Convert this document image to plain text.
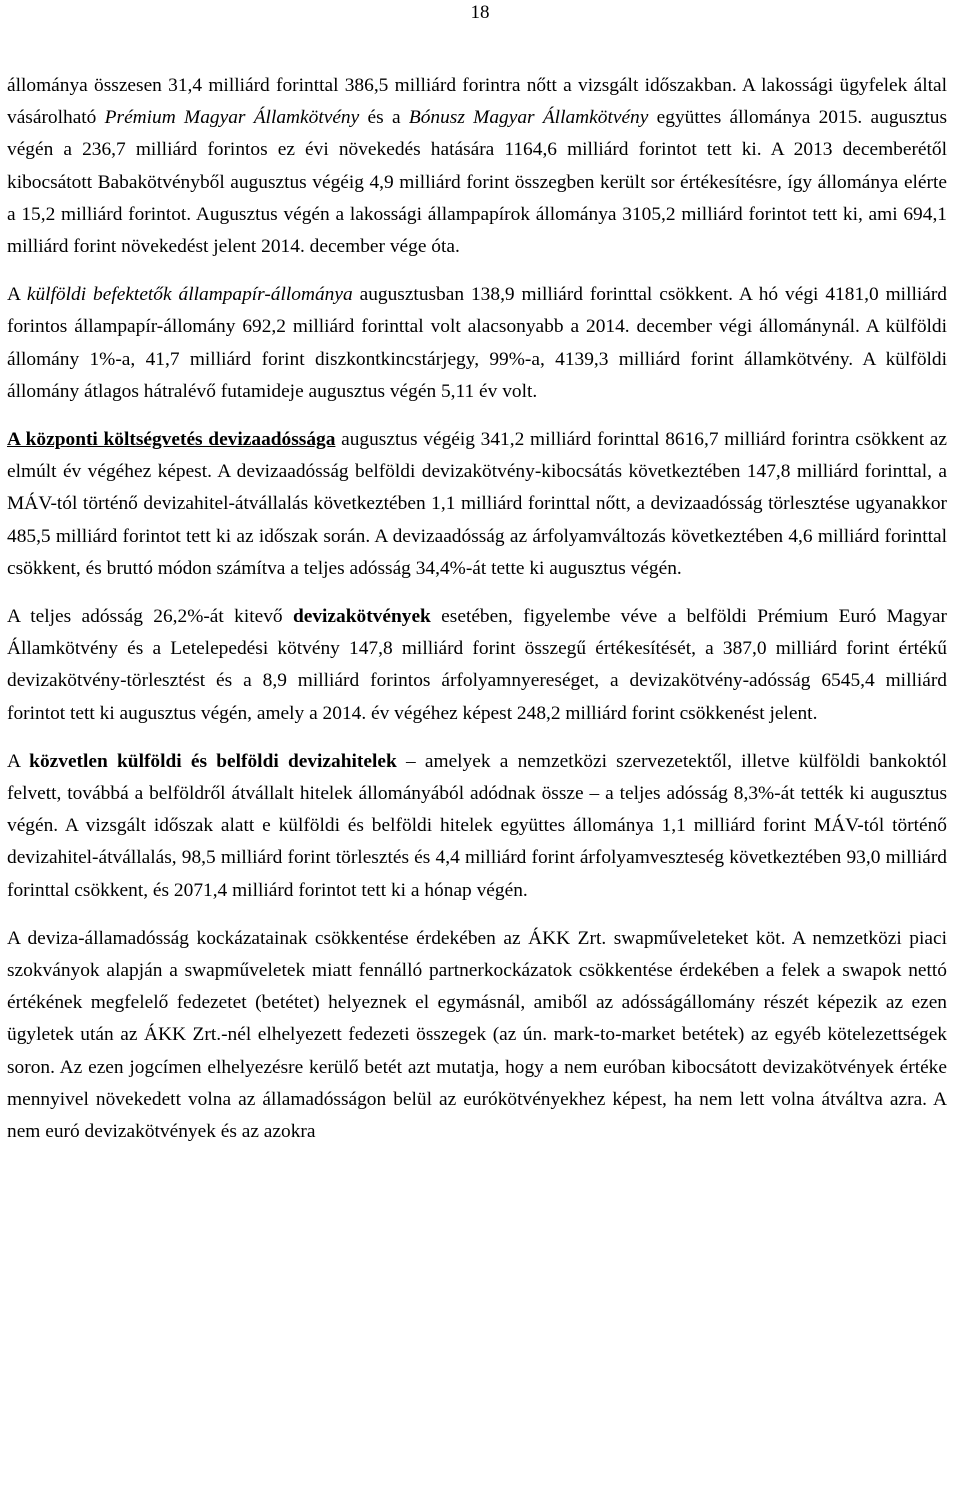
18

állománya összesen 31,4 milliárd forinttal 386,5 milliárd forintra nőtt a vizsgált időszakban. A lakossági ügyfelek által vásárolható Prémium Magyar Államkötvény és a Bónusz Magyar Államkötvény együttes állománya 2015. augusztus végén a 236,7 milliárd forintos ez évi növekedés hatására 1164,6 milliárd forintot tett ki. A 2013 decemberétől kibocsátott Babakötvényből augusztus végéig 4,9 milliárd forint összegben került sor értékesítésre, így állománya elérte a 15,2 milliárd forintot. Augusztus végén a lakossági állampapírok állománya 3105,2 milliárd forintot tett ki, ami 694,1 milliárd forint növekedést jelent 2014. december vége óta.

A külföldi befektetők állampapír-állománya augusztusban 138,9 milliárd forinttal csökkent. A hó végi 4181,0 milliárd forintos állampapír-állomány 692,2 milliárd forinttal volt alacsonyabb a 2014. december végi állománynál. A külföldi állomány 1%-a, 41,7 milliárd forint diszkontkincstárjegy, 99%-a, 4139,3 milliárd forint államkötvény. A külföldi állomány átlagos hátralévő futamideje augusztus végén 5,11 év volt.

A központi költségvetés devizaadóssága augusztus végéig 341,2 milliárd forinttal 8616,7 milliárd forintra csökkent az elmúlt év végéhez képest. A devizaadósság belföldi devizakötvény-kibocsátás következtében 147,8 milliárd forinttal, a MÁV-tól történő devizahitel-átvállalás következtében 1,1 milliárd forinttal nőtt, a devizaadósság törlesztése ugyanakkor 485,5 milliárd forintot tett ki az időszak során. A devizaadósság az árfolyamváltozás következtében 4,6 milliárd forinttal csökkent, és bruttó módon számítva a teljes adósság 34,4%-át tette ki augusztus végén.

A teljes adósság 26,2%-át kitevő devizakötvények esetében, figyelembe véve a belföldi Prémium Euró Magyar Államkötvény és a Letelepedési kötvény 147,8 milliárd forint összegű értékesítését, a 387,0 milliárd forint értékű devizakötvény-törlesztést és a 8,9 milliárd forintos árfolyamnyereséget, a devizakötvény-adósság 6545,4 milliárd forintot tett ki augusztus végén, amely a 2014. év végéhez képest 248,2 milliárd forint csökkenést jelent.

A közvetlen külföldi és belföldi devizahitelek – amelyek a nemzetközi szervezetektől, illetve külföldi bankoktól felvett, továbbá a belföldről átvállalt hitelek állományából adódnak össze – a teljes adósság 8,3%-át tették ki augusztus végén. A vizsgált időszak alatt e külföldi és belföldi hitelek együttes állománya 1,1 milliárd forint MÁV-tól történő devizahitel-átvállalás, 98,5 milliárd forint törlesztés és 4,4 milliárd forint árfolyamveszteség következtében 93,0 milliárd forinttal csökkent, és 2071,4 milliárd forintot tett ki a hónap végén.

A deviza-államadósság kockázatainak csökkentése érdekében az ÁKK Zrt. swapműveleteket köt. A nemzetközi piaci szokványok alapján a swapműveletek miatt fennálló partnerkockázatok csökkentése érdekében a felek a swapok nettó értékének megfelelő fedezetet (betétet) helyeznek el egymásnál, amiből az adósságállomány részét képezik az ezen ügyletek után az ÁKK Zrt.-nél elhelyezett fedezeti összegek (az ún. mark-to-market betétek) az egyéb kötelezettségek soron. Az ezen jogcímen elhelyezésre kerülő betét azt mutatja, hogy a nem euróban kibocsátott devizakötvények értéke mennyivel növekedett volna az államadósságon belül az eurókötvényekhez képest, ha nem lett volna átváltva azra. A nem euró devizakötvények és az azokra
